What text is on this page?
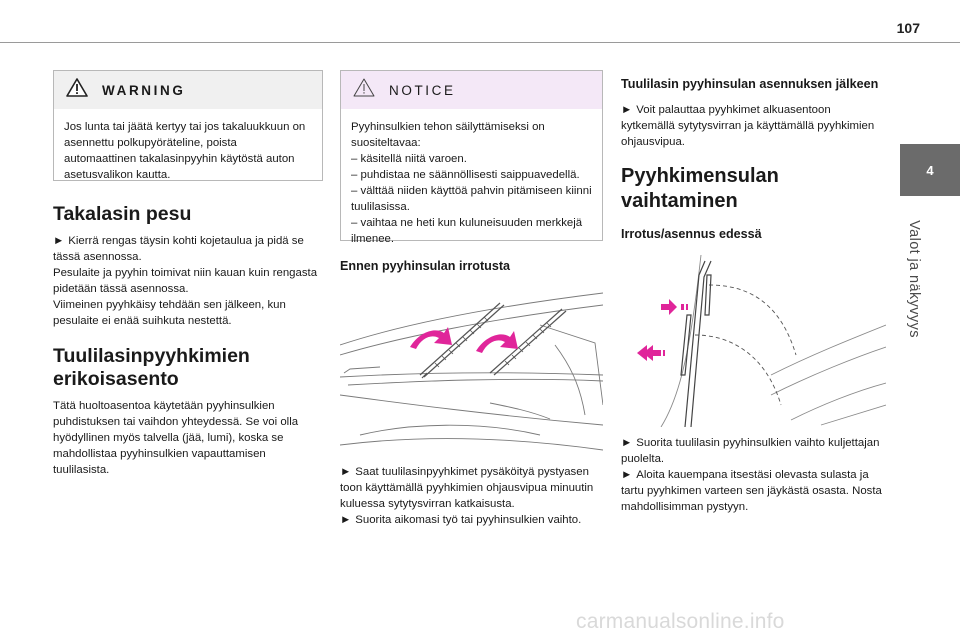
107
WARNING

Jos lunta tai jäätä kertyy tai jos takaluukkuun on asennettu polkupyöräteline, poista automaattinen takalasinpyyhin käytöstä auton asetusvalikon kautta.

Takalasin pesu
► Kierrä rengas täysin kohti kojetaulua ja pidä se tässä asennossa.
Pesulaite ja pyyhin toimivat niin kauan kuin rengasta pidetään tässä asennossa.
Viimeinen pyyhkäisy tehdään sen jälkeen, kun pesulaite ei enää suihkuta nestettä.
Tuulilasinpyyhkimien erikoisasento

Tätä huoltoasentoa käytetään pyyhinsulkien puhdistuksen tai vaihdon yhteydessä. Se voi olla hyödyllinen myös talvella (jää, lumi), koska se mahdollistaa pyyhinsulkien vapauttamisen tuulilasista.

NOTICE

Pyyhinsulkien tehon säilyttämiseksi on suositeltavaa:

– käsitellä niitä varoen.

– puhdistaa ne säännöllisesti saippuavedellä.

– välttää niiden käyttöä pahvin pitämiseen kiinni tuulilasissa.

– vaihtaa ne heti kun kuluneisuuden merkkejä ilmenee.

Ennen pyyhinsulan irrotusta
► Saat tuulilasinpyyhkimet pysäköityä pystyasen toon käyttämällä pyyhkimien ohjausvipua minuutin kuluessa sytytysvirran katkaisusta.
► Suorita aikomasi työ tai pyyhinsulkien vaihto.
Tuulilasin pyyhinsulan asennuksen jälkeen
► Voit palauttaa pyyhkimet alkuasentoon kytkemällä sytytysvirran ja käyttämällä pyyhkimien ohjausvipua.
Pyyhkimensulan vaihtaminen
Irrotus/asennus edessä
► Suorita tuulilasin pyyhinsulkien vaihto kuljettajan puolelta.
► Aloita kauempana itsestäsi olevasta sulasta ja tartu pyyhkimen varteen sen jäykästä osasta. Nosta mahdollisimman pystyyn.
4
Valot ja näkyvyys
carmanualsonline.info
